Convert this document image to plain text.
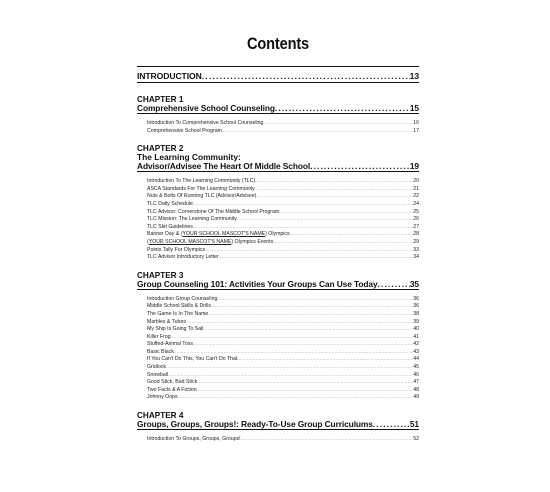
Contents
INTRODUCTION . . .	13
CHAPTER 1
Comprehensive School Counseling . . .	15
Introduction To Comprehensive School Counseling . . .	16
Comprehensive School Program . . .	17
CHAPTER 2
The Learning Community:
Advisor/Advisee The Heart Of Middle School . . .	19
Introduction To The Learning Community (TLC) . . .	20
ASCA Standards For The Learning Community . . .	21
Nuts & Bolts Of Running TLC (Advisor/Advisee) . . .	22
TLC Daily Schedule . . .	24
TLC Advisor: Cornerstone Of The Middle School Program . . .	25
TLC Mission: The Learning Community . . .	26
TLC Skit Guidelines . . .	27
Banner Day & (YOUR SCHOOL MASCOT'S NAME) Olympics . . .	28
(YOUR SCHOOL MASCOT'S NAME) Olympics Events . . .	29
Points Tally For Olympics . . .	33
TLC Advisor Introductory Letter . . .	34
CHAPTER 3
Group Counseling 101: Activities Your Groups Can Use Today . . .	35
Introduction Group Counseling . . .	36
Middle School Skills & Drills . . .	36
The Game Is In The Name . . .	38
Marbles & Tubes . . .	39
My Ship Is Going To Sail . . .	40
Killer Frog . . .	41
Stuffed-Animal Toss . . .	42
Basic Black . . .	43
If You Can't Do This, You Can't Do That . . .	44
Gridlock . . .	45
Snowball . . .	46
Good Stick, Bad Stick . . .	47
Two Facts & A Fiction . . .	48
Johnny Oops . . .	49
CHAPTER 4
Groups, Groups, Groups!: Ready-To-Use Group Curriculums . . .	51
Introduction To Groups, Groups, Groups! . . .	52
